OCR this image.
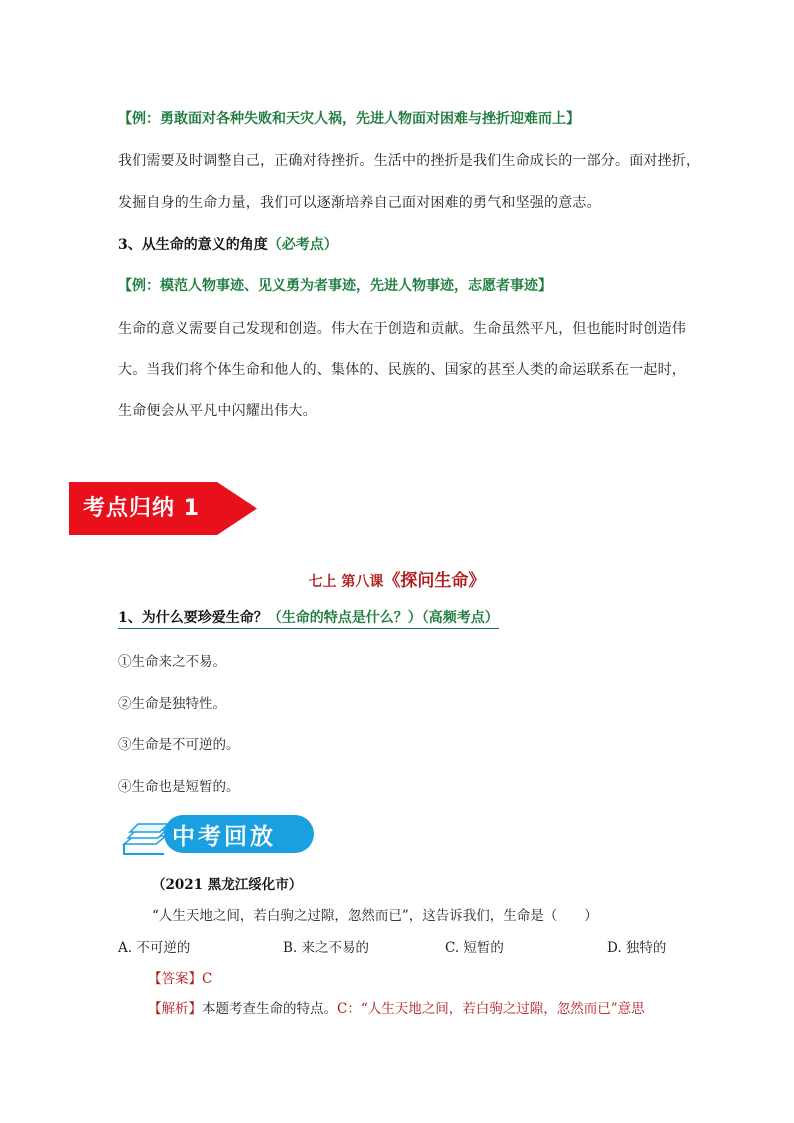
【例：勇敢面对各种失败和天灾人祸，先进人物面对困难与挫折迎难而上】
我们需要及时调整自己，正确对待挫折。生活中的挫折是我们生命成长的一部分。面对挫折，
发掘自身的生命力量，我们可以逐渐培养自己面对困难的勇气和坚强的意志。
3、从生命的意义的角度（必考点）
【例：模范人物事迹、见义勇为者事迹，先进人物事迹，志愿者事迹】
生命的意义需要自己发现和创造。伟大在于创造和贡献。生命虽然平凡，但也能时时创造伟
大。当我们将个体生命和他人的、集体的、民族的、国家的甚至人类的命运联系在一起时，
生命便会从平凡中闪耀出伟大。
考点归纳 1
七上 第八课《探问生命》
1、为什么要珍爱生命？（生命的特点是什么？）（高频考点）
①生命来之不易。
②生命是独特性。
③生命是不可逆的。
④生命也是短暂的。
中考回放
（2021 黑龙江绥化市）
“人生天地之间，若白驹之过隙，忽然而已”，这告诉我们，生命是（　　）
A. 不可逆的	B. 来之不易的	C. 短暂的	D. 独特的
【答案】C
【解析】本题考查生命的特点。C：“人生天地之间，若白驹之过隙，忽然而已”意思
